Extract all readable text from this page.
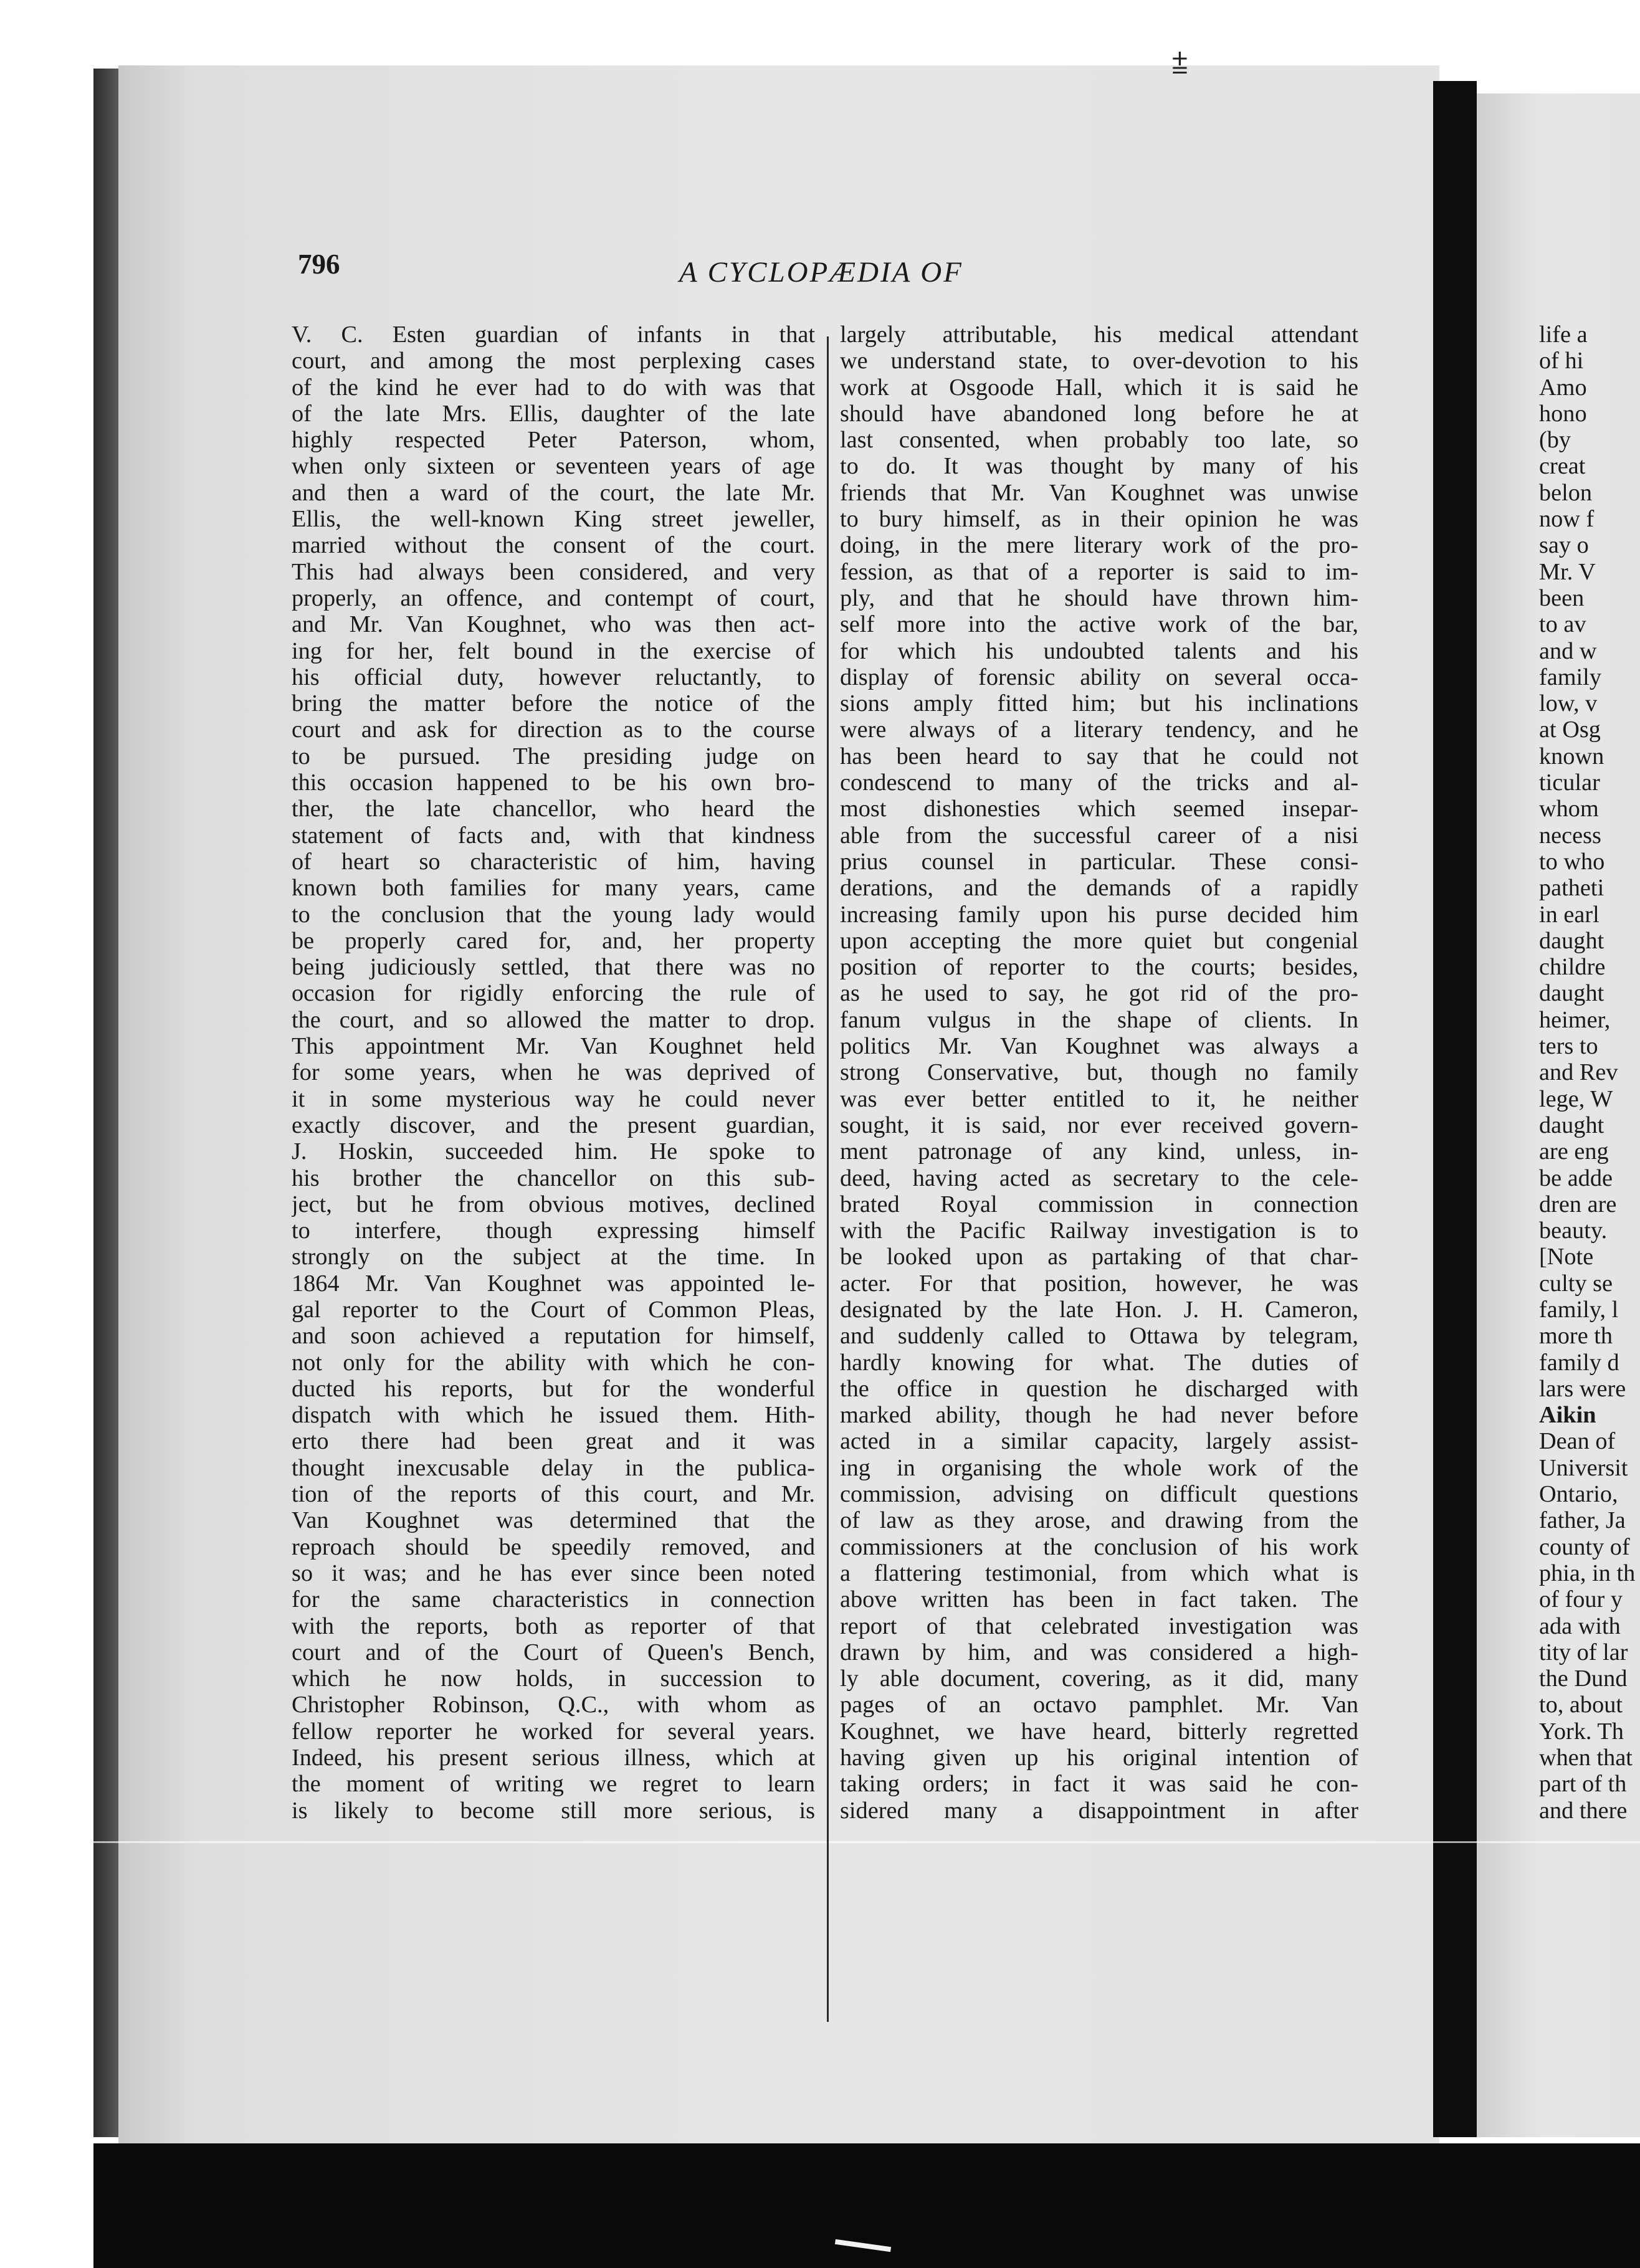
⩲
796	A CYCLOPÆDIA OF
V. C. Esten guardian of infants in that
court, and among the most perplexing cases
of the kind he ever had to do with was that
of the late Mrs. Ellis, daughter of the late
highly respected Peter Paterson, whom,
when only sixteen or seventeen years of age
and then a ward of the court, the late Mr.
Ellis, the well-known King street jeweller,
married without the consent of the court.
This had always been considered, and very
properly, an offence, and contempt of court,
and Mr. Van Koughnet, who was then act-
ing for her, felt bound in the exercise of
his official duty, however reluctantly, to
bring the matter before the notice of the
court and ask for direction as to the course
to be pursued. The presiding judge on
this occasion happened to be his own bro-
ther, the late chancellor, who heard the
statement of facts and, with that kindness
of heart so characteristic of him, having
known both families for many years, came
to the conclusion that the young lady would
be properly cared for, and, her property
being judiciously settled, that there was no
occasion for rigidly enforcing the rule of
the court, and so allowed the matter to drop.
This appointment Mr. Van Koughnet held
for some years, when he was deprived of
it in some mysterious way he could never
exactly discover, and the present guardian,
J. Hoskin, succeeded him. He spoke to
his brother the chancellor on this sub-
ject, but he from obvious motives, declined
to interfere, though expressing himself
strongly on the subject at the time. In
1864 Mr. Van Koughnet was appointed le-
gal reporter to the Court of Common Pleas,
and soon achieved a reputation for himself,
not only for the ability with which he con-
ducted his reports, but for the wonderful
dispatch with which he issued them. Hith-
erto there had been great and it was
thought inexcusable delay in the publica-
tion of the reports of this court, and Mr.
Van Koughnet was determined that the
reproach should be speedily removed, and
so it was; and he has ever since been noted
for the same characteristics in connection
with the reports, both as reporter of that
court and of the Court of Queen's Bench,
which he now holds, in succession to
Christopher Robinson, Q.C., with whom as
fellow reporter he worked for several years.
Indeed, his present serious illness, which at
the moment of writing we regret to learn
is likely to become still more serious, is
largely attributable, his medical attendant
we understand state, to over-devotion to his
work at Osgoode Hall, which it is said he
should have abandoned long before he at
last consented, when probably too late, so
to do. It was thought by many of his
friends that Mr. Van Koughnet was unwise
to bury himself, as in their opinion he was
doing, in the mere literary work of the pro-
fession, as that of a reporter is said to im-
ply, and that he should have thrown him-
self more into the active work of the bar,
for which his undoubted talents and his
display of forensic ability on several occa-
sions amply fitted him; but his inclinations
were always of a literary tendency, and he
has been heard to say that he could not
condescend to many of the tricks and al-
most dishonesties which seemed insepar-
able from the successful career of a nisi
prius counsel in particular. These consi-
derations, and the demands of a rapidly
increasing family upon his purse decided him
upon accepting the more quiet but congenial
position of reporter to the courts; besides,
as he used to say, he got rid of the pro-
fanum vulgus in the shape of clients. In
politics Mr. Van Koughnet was always a
strong Conservative, but, though no family
was ever better entitled to it, he neither
sought, it is said, nor ever received govern-
ment patronage of any kind, unless, in-
deed, having acted as secretary to the cele-
brated Royal commission in connection
with the Pacific Railway investigation is to
be looked upon as partaking of that char-
acter. For that position, however, he was
designated by the late Hon. J. H. Cameron,
and suddenly called to Ottawa by telegram,
hardly knowing for what. The duties of
the office in question he discharged with
marked ability, though he had never before
acted in a similar capacity, largely assist-
ing in organising the whole work of the
commission, advising on difficult questions
of law as they arose, and drawing from the
commissioners at the conclusion of his work
a flattering testimonial, from which what is
above written has been in fact taken. The
report of that celebrated investigation was
drawn by him, and was considered a high-
ly able document, covering, as it did, many
pages of an octavo pamphlet. Mr. Van
Koughnet, we have heard, bitterly regretted
having given up his original intention of
taking orders; in fact it was said he con-
sidered many a disappointment in after
life a
of hi
Amo
hono
(by
creat
belon
now f
say o
Mr. V
been
to av
and w
family
low, v
at Osg
known
ticular
whom
necess
to who
patheti
in earl
daught
childre
daught
heimer,
ters to
and Rev
lege, W
daught
are eng
be adde
dren are
beauty.
[Note
culty se
family, l
more th
family d
lars were
Aikin
Dean of
Universit
Ontario,
father, Ja
county of
phia, in th
of four y
ada with
tity of lar
the Dund
to, about
York. Th
when that
part of th
and there
